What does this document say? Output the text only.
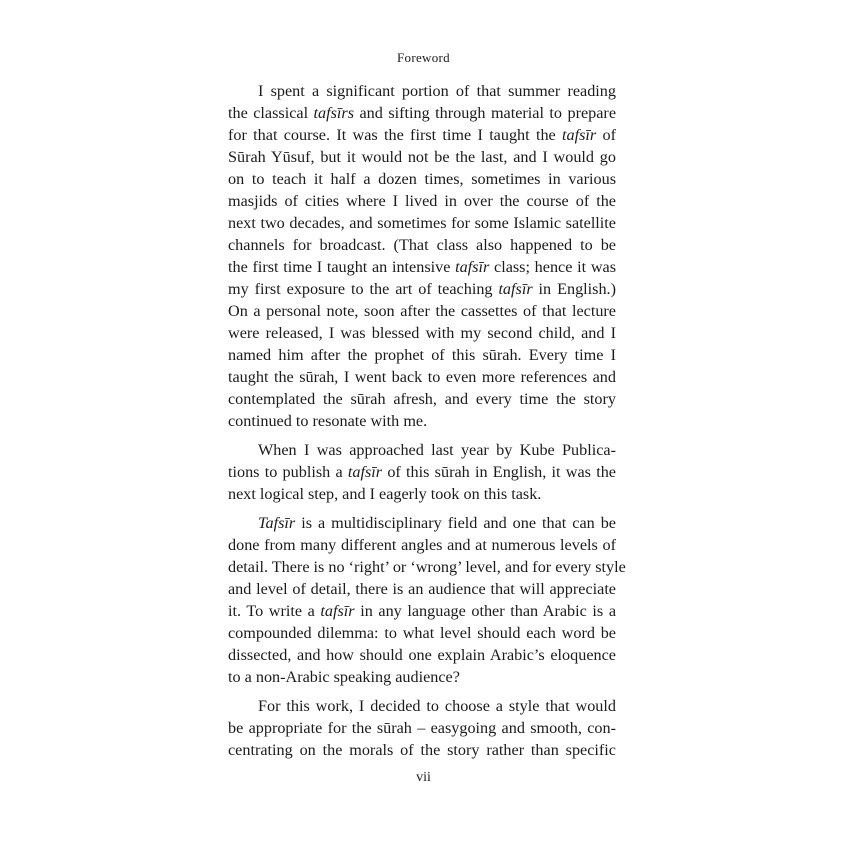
Foreword
I spent a significant portion of that summer reading
the classical tafsīrs and sifting through material to prepare
for that course. It was the first time I taught the tafsīr of
Sūrah Yūsuf, but it would not be the last, and I would go
on to teach it half a dozen times, sometimes in various
masjids of cities where I lived in over the course of the
next two decades, and sometimes for some Islamic satellite
channels for broadcast. (That class also happened to be
the first time I taught an intensive tafsīr class; hence it was
my first exposure to the art of teaching tafsīr in English.)
On a personal note, soon after the cassettes of that lecture
were released, I was blessed with my second child, and I
named him after the prophet of this sūrah. Every time I
taught the sūrah, I went back to even more references and
contemplated the sūrah afresh, and every time the story
continued to resonate with me.
When I was approached last year by Kube Publica-
tions to publish a tafsīr of this sūrah in English, it was the
next logical step, and I eagerly took on this task.
Tafsīr is a multidisciplinary field and one that can be
done from many different angles and at numerous levels of
detail. There is no ‘right’ or ‘wrong’ level, and for every style
and level of detail, there is an audience that will appreciate
it. To write a tafsīr in any language other than Arabic is a
compounded dilemma: to what level should each word be
dissected, and how should one explain Arabic’s eloquence
to a non-Arabic speaking audience?
For this work, I decided to choose a style that would
be appropriate for the sūrah – easygoing and smooth, con-
centrating on the morals of the story rather than specific
vii
